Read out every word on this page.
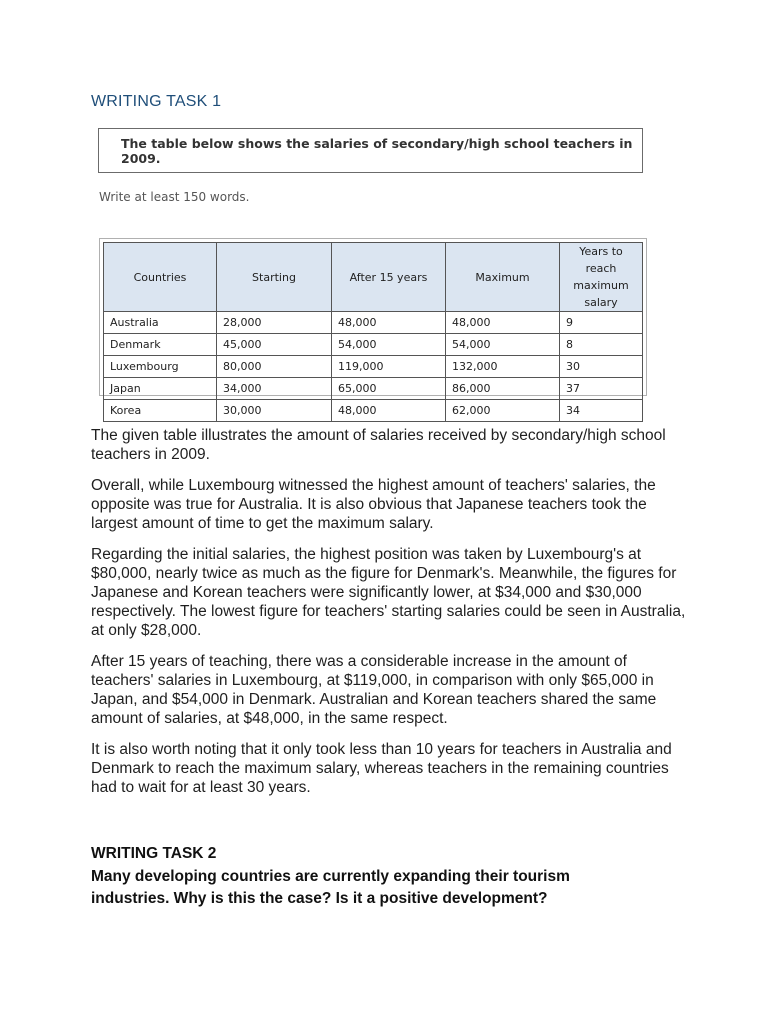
WRITING TASK 1
The table below shows the salaries of secondary/high school teachers in 2009.
Write at least 150 words.
Countries	Starting	After 15 years	Maximum	Years to reach maximum salary
Australia	28,000	48,000	48,000	9
Denmark	45,000	54,000	54,000	8
Luxembourg	80,000	119,000	132,000	30
Japan	34,000	65,000	86,000	37
Korea	30,000	48,000	62,000	34

The given table illustrates the amount of salaries received by secondary/high school teachers in 2009.

Overall, while Luxembourg witnessed the highest amount of teachers' salaries, the opposite was true for Australia. It is also obvious that Japanese teachers took the largest amount of time to get the maximum salary.

Regarding the initial salaries, the highest position was taken by Luxembourg's at $80,000, nearly twice as much as the figure for Denmark's. Meanwhile, the figures for Japanese and Korean teachers were significantly lower, at $34,000 and $30,000 respectively. The lowest figure for teachers' starting salaries could be seen in Australia, at only $28,000.

After 15 years of teaching, there was a considerable increase in the amount of teachers' salaries in Luxembourg, at $119,000, in comparison with only $65,000 in Japan, and $54,000 in Denmark. Australian and Korean teachers shared the same amount of salaries, at $48,000, in the same respect.

It is also worth noting that it only took less than 10 years for teachers in Australia and Denmark to reach the maximum salary, whereas teachers in the remaining countries had to wait for at least 30 years.

WRITING TASK 2

Many developing countries are currently expanding their tourism industries. Why is this the case? Is it a positive development?
